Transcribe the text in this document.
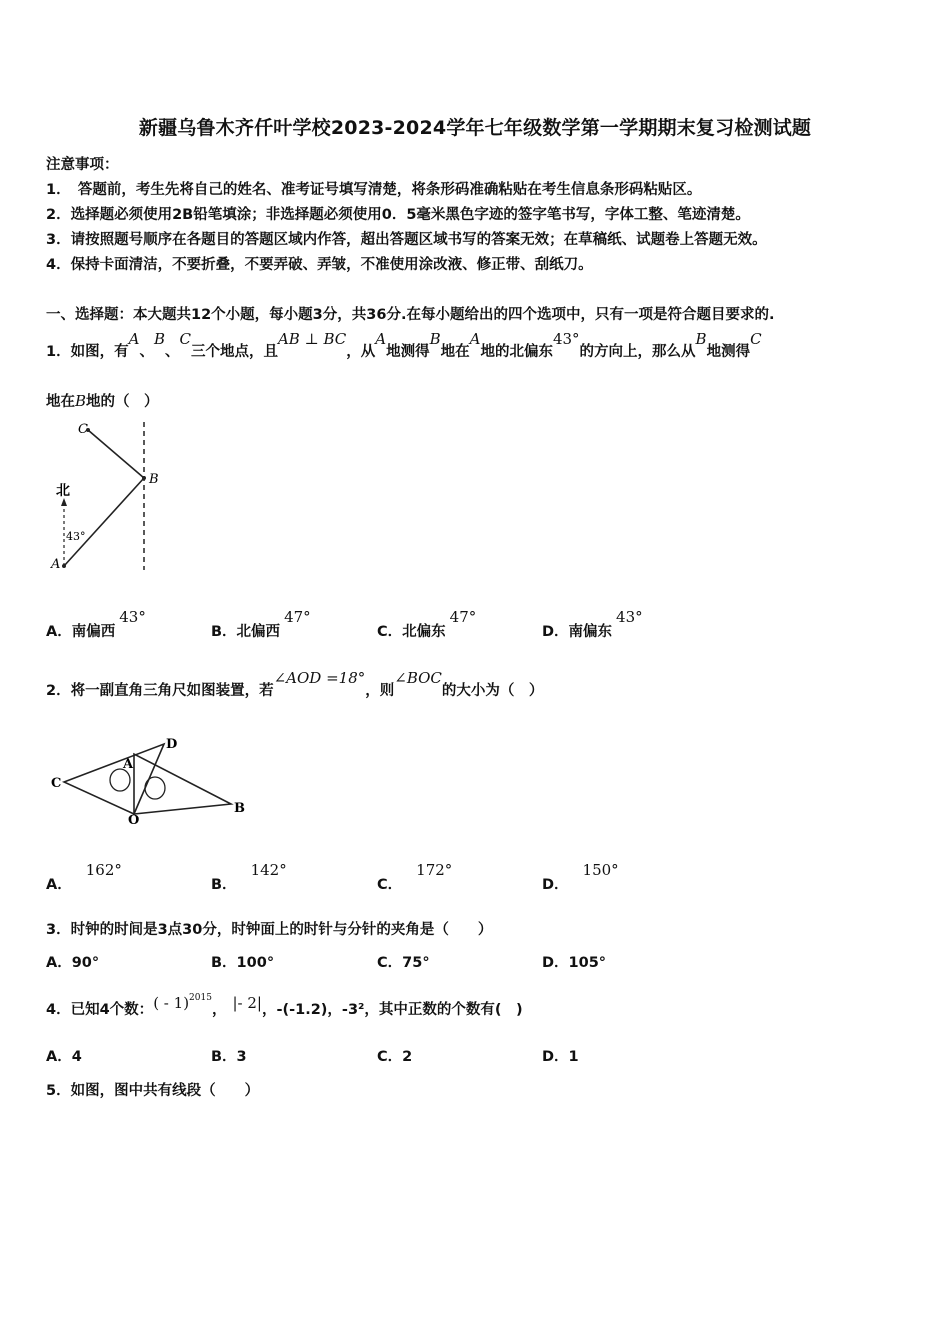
新疆乌鲁木齐仟叶学校2023-2024学年七年级数学第一学期期末复习检测试题
注意事项：
1．　答题前，考生先将自己的姓名、准考证号填写清楚，将条形码准确粘贴在考生信息条形码粘贴区。
2．选择题必须使用2B铅笔填涂；非选择题必须使用0．5毫米黑色字迹的签字笔书写，字体工整、笔迹清楚。
3．请按照题号顺序在各题目的答题区域内作答，超出答题区域书写的答案无效；在草稿纸、试题卷上答题无效。
4．保持卡面清洁，不要折叠，不要弄破、弄皱，不准使用涂改液、修正带、刮纸刀。
一、选择题：本大题共12个小题，每小题3分，共36分.在每小题给出的四个选项中，只有一项是符合题目要求的.
1．如图，有A、B、C三个地点，且AB ⊥ BC，从A地测得B地在A地的北偏东43°的方向上，那么从B地测得C
地在B地的（　）
C
B
北
43°
A
A．南偏西43°
B．北偏西47°
C．北偏东47°
D．南偏东43°
2．将一副直角三角尺如图装置，若∠AOD =18°，则∠BOC的大小为（　）
C
D
A
O
B
A．162°
B．142°
C．172°
D．150°
3．时钟的时间是3点30分，时钟面上的时针与分针的夹角是（　　）
A．90°	B．100°	C．75°	D．105°
4．已知4个数：( - 1)$^{2015}$， |- 2|，-(-1.2)，-3²，其中正数的个数有(　)
A．4	B．3	C．2	D．1
5．如图，图中共有线段（　　）
